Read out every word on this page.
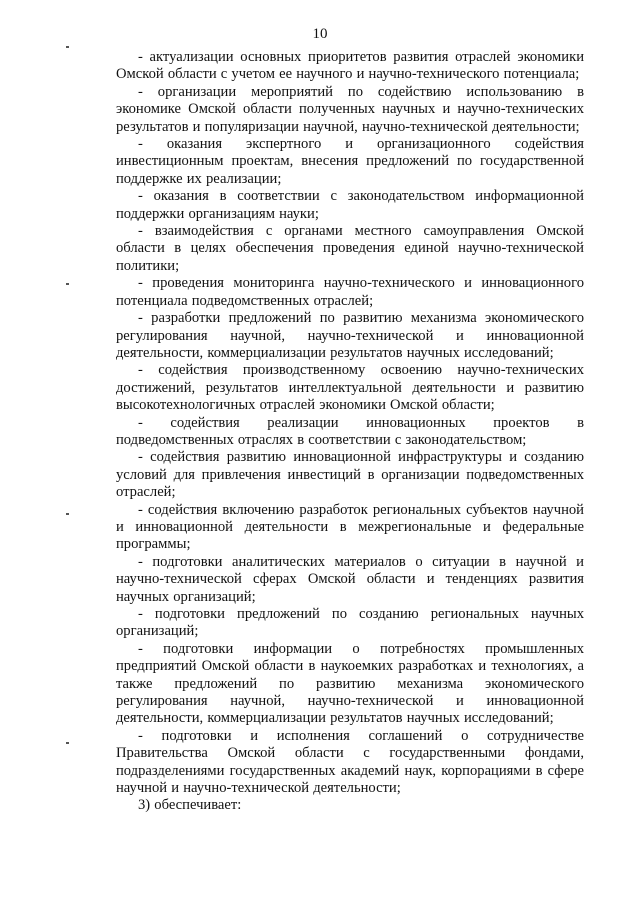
10

- актуализации основных приоритетов развития отраслей экономики Омской области с учетом ее научного и научно-технического потенциала;

- организации мероприятий по содействию использованию в экономике Омской области полученных научных и научно-технических результатов и популяризации научной, научно-технической деятельности;

- оказания экспертного и организационного содействия инвестиционным проектам, внесения предложений по государственной поддержке их реализации;

- оказания в соответствии с законодательством информационной поддержки организациям науки;

- взаимодействия с органами местного самоуправления Омской области в целях обеспечения проведения единой научно-технической политики;

- проведения мониторинга научно-технического и инновационного потенциала подведомственных отраслей;

- разработки предложений по развитию механизма экономического регулирования научной, научно-технической и инновационной деятельности, коммерциализации результатов научных исследований;

- содействия производственному освоению научно-технических достижений, результатов интеллектуальной деятельности и развитию высокотехнологичных отраслей экономики Омской области;

- содействия реализации инновационных проектов в подведомственных отраслях в соответствии с законодательством;

- содействия развитию инновационной инфраструктуры и созданию условий для привлечения инвестиций в организации подведомственных отраслей;

- содействия включению разработок региональных субъектов научной и инновационной деятельности в межрегиональные и федеральные программы;

- подготовки аналитических материалов о ситуации в научной и научно-технической сферах Омской области и тенденциях развития научных организаций;

- подготовки предложений по созданию региональных научных организаций;

- подготовки информации о потребностях промышленных предприятий Омской области в наукоемких разработках и технологиях, а также предложений по развитию механизма экономического регулирования научной, научно-технической и инновационной деятельности, коммерциализации результатов научных исследований;

- подготовки и исполнения соглашений о сотрудничестве Правительства Омской области с государственными фондами, подразделениями государственных академий наук, корпорациями в сфере научной и научно-технической деятельности;

3) обеспечивает:
